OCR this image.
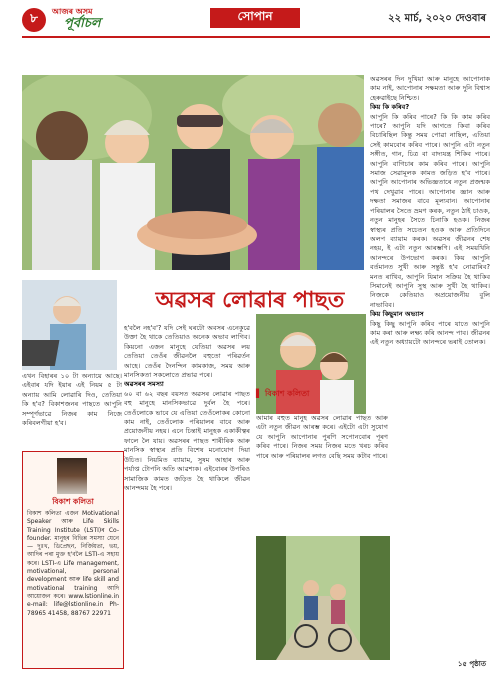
৮	আজৰ অসম
পূৰ্বাচল	সোপান	২২ মাৰ্চ, ২০২০ দেওবাৰ
অৱসৰ লোৱাৰ পাছত
এখন বিহাৰৰ ১০ টা অন্যায়ে আছে। এইবাৰ যদি ইয়াৰ এই নিয়ম ৫ টা অন্যায় আমি লোৱাৰি দিও, তেতিয়া কি হ'ব? বিকাশজনৰ পাছতে আপুনি সম্পূৰ্ণভাৱে নিজৰ কাম নিজে কৰিবলগীয়া হ'ব।
বিকাশ কলিতা
বিকাশ কলিতা এজন Motivational Speaker আৰু Life Skills Training Institute (LSTI)ৰ Co-founder. মানুহৰ বিভিন্ন সমস্যা যেনে— দুঃখ, ডিপ্ৰেছন, নিৰ্জিয়তা, ভয়, আদিৰ পৰা মুক্ত হ'বলৈ LSTI-এ সহায় কৰে। LSTI-এ Life management, motivational, personal development আৰু life skill and motivational training আদি আয়োজন কৰে। www.lstionline.in e-mail: life@lstionline.in Ph- 78965 41458, 88767 22971
হ'বলৈ নহ'ব'? যদি সেই ঘৰটো অবসৰ এনেকুৱে উক্তা হৈ থাকে তেতিয়াও অনেক অভাব লাগিব। কিয়নো এজন মানুহে যেতিয়া অৱসৰ লয় তেতিয়া তেওঁৰ জীৱনলৈ বহুতো পৰিৱৰ্তন আহে। তেওঁৰ দৈনন্দিন কামকাজ, সময় আৰু মানসিকতা সকলোতে প্ৰভাৱ পৰে।
অৱসৰৰ সমস্যা
৬০ বা ৬২ বছৰ বয়সত অৱসৰ লোৱাৰ পাছত বহু মানুহে মানসিকভাৱে দুৰ্বল হৈ পৰে। তেওঁলোকে ভাবে যে এতিয়া তেওঁলোকৰ কোনো কাম নাই, তেওঁলোক পৰিয়ালৰ বাবে আৰু প্ৰয়োজনীয় নহয়। এনে চিন্তাই মানুহক একাকীত্বৰ ফালে লৈ যায়। অৱসৰৰ পাছত শাৰীৰিক আৰু মানসিক স্বাস্থ্যৰ প্ৰতি বিশেষ মনোযোগ দিয়া উচিত। নিয়মিত ব্যায়াম, সুষম আহাৰ আৰু পৰ্যাপ্ত টোপনি অতি আৱশ্যক। এইবোৰৰ উপৰিও সামাজিক কামত জড়িত হৈ থাকিলে জীৱন আনন্দময় হৈ পৰে।
▌ বিকাশ কলিতা
আমাৰ বহুত মানুহ অৱসৰ লোৱাৰ পাছত আৰু এটা নতুন জীৱন আৰম্ভ কৰে। এইটো এটা সুযোগ যে আপুনি আপোনাৰ পুৰণি সপোনবোৰ পূৰণ কৰিব পাৰে। নিজৰ সময় নিজৰ মতে খৰচ কৰিব পাৰে আৰু পৰিয়ালৰ লগত বেছি সময় কটাব পাৰে।
অৱসৰৰ দিন দুখিয়া আৰু মানুহে আপোনাক কাম নাই, আপোনাৰ সক্ষমতা আৰু দুনি বিশ্বাস হেৰুৱাইছে নিশ্চিত।
কিয় কি কৰিব?
আপুনি কি কৰিব পাৰে? কি কি কাম কৰিব পাৰে? আপুনি যদি আগতে কিবা কৰিব বিচাৰিছিল কিন্তু সময় পোৱা নাছিল, এতিয়া সেই কামবোৰ কৰিব পাৰে। আপুনি এটা নতুন সঙ্গীত, গান, চিত্ৰ বা বাদ্যযন্ত্ৰ শিকিব পাৰে। আপুনি বাগিচাৰ কাম কৰিব পাৰে। আপুনি সমাজ সেৱামূলক কামত জড়িত হ'ব পাৰে। আপুনি আপোনাৰ অভিজ্ঞতাৰে নতুন প্ৰজন্মক পথ দেখুৱাব পাৰে। আপোনাৰ জ্ঞান আৰু দক্ষতা সমাজৰ বাবে মূল্যবান। আপোনাৰ পৰিয়ালৰ সৈতে ভ্ৰমণ কৰক, নতুন ঠাই চাওক, নতুন মানুহৰ সৈতে চিনাকি হওক। নিজৰ স্বাস্থ্যৰ প্ৰতি সচেতন হওক আৰু প্ৰতিদিনে অলপ ব্যায়াম কৰক। অৱসৰ জীৱনৰ শেষ নহয়, ই এটা নতুন আৰম্ভণি। এই সময়খিনি আনন্দৰে উপভোগ কৰক। কিয় আপুনি বৰ্তমানত সুখী আৰু সন্তুষ্ট হ'ব নোৱাৰিব? মনত ৰাখিব, আপুনি যিমান সক্ৰিয় হৈ থাকিব সিমানেই আপুনি সুস্থ আৰু সুখী হৈ থাকিব। নিজকে কেতিয়াও অপ্ৰয়োজনীয় বুলি নাভাবিব।
কিয় কিছুমান অভ্যাস
কিছু কিছু আপুনি কৰিব পাৰে যাতে আপুনি কাম কৰা আৰু লক্ষ্য কৰি আনন্দ পাব। জীৱনৰ এই নতুন অধ্যায়টো আনন্দৰে ভৰাই তোলক।
১৫ পৃষ্ঠাত
